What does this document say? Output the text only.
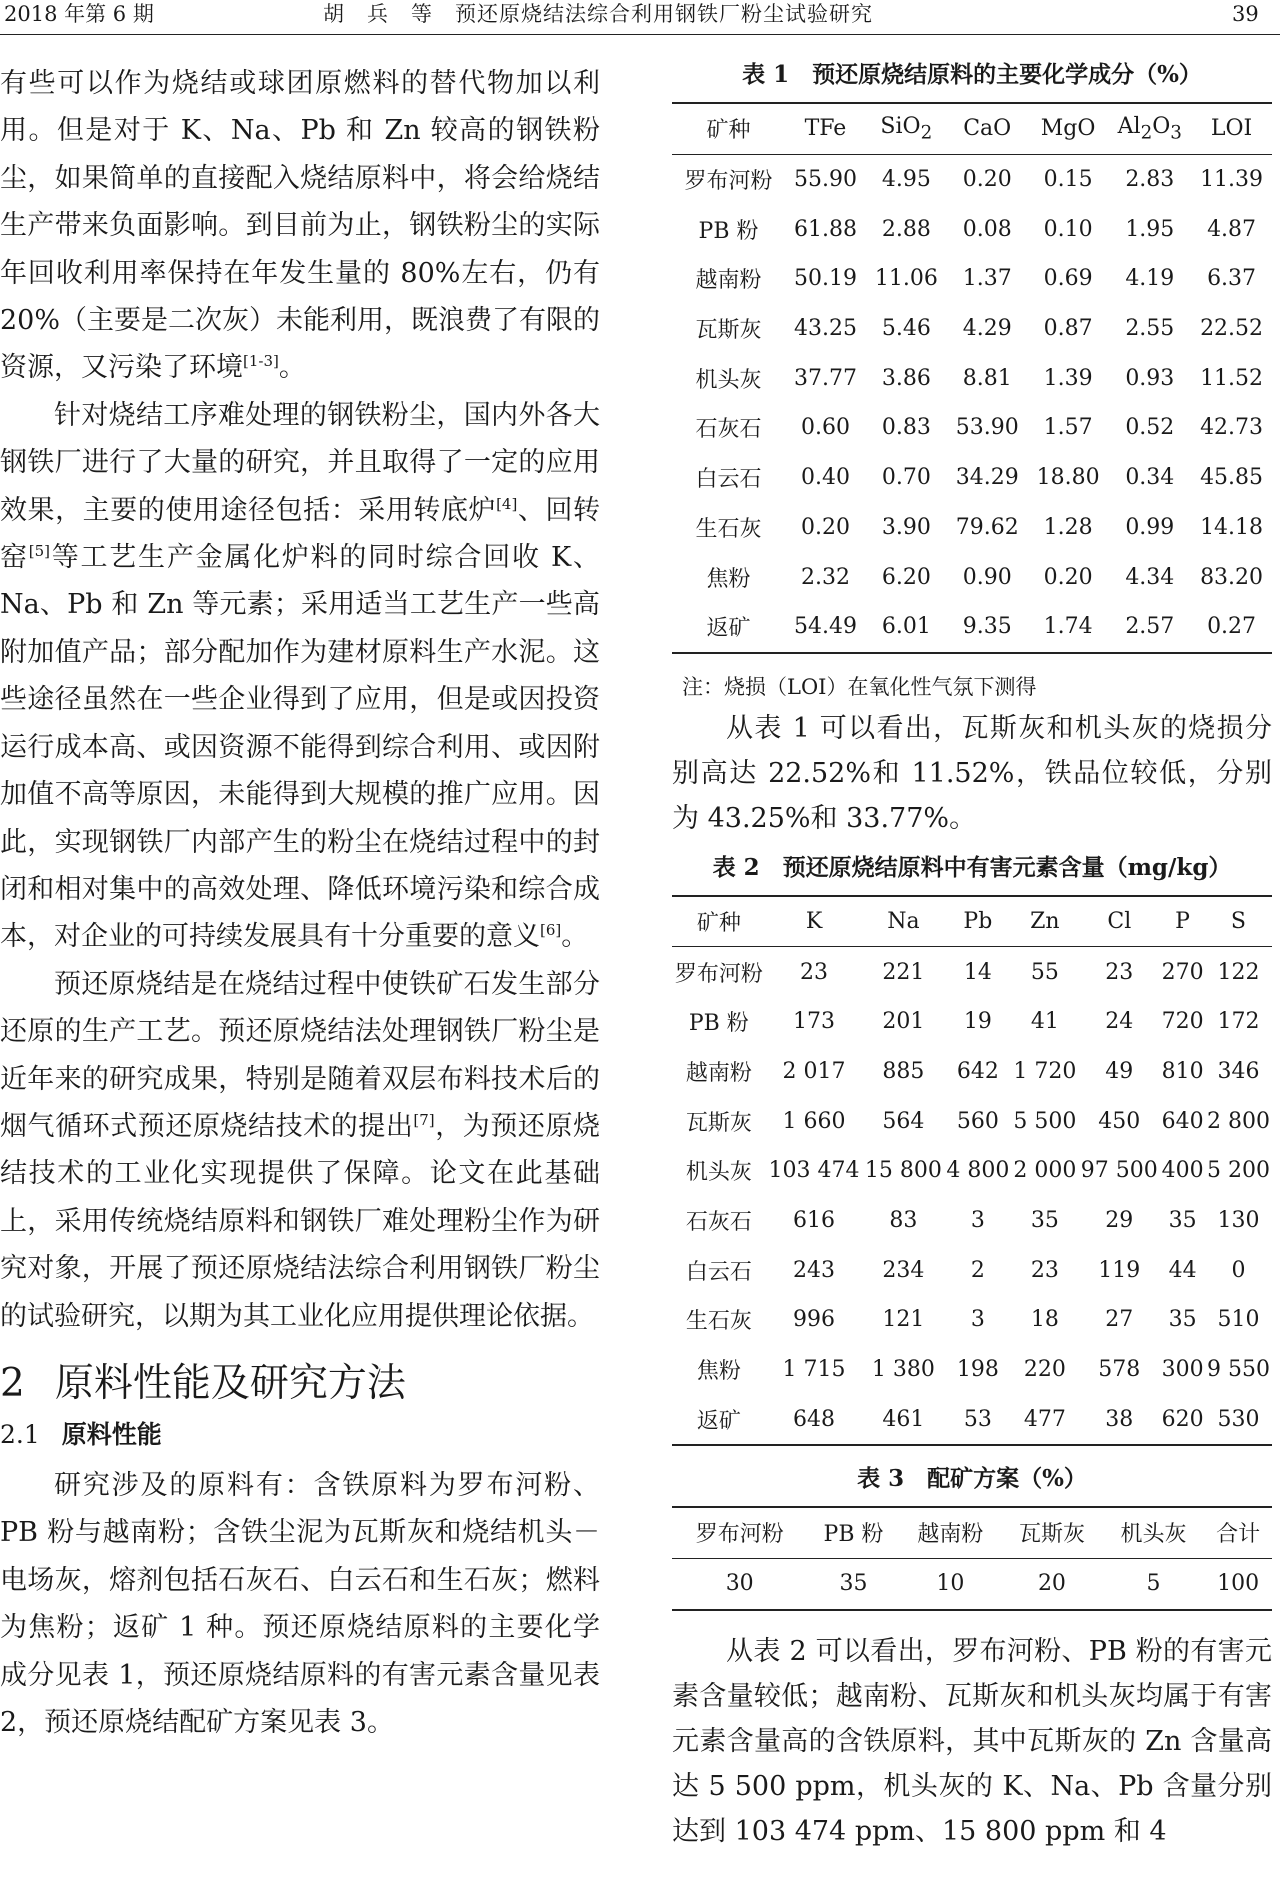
2018 年第 6 期	胡　兵　等　预还原烧结法综合利用钢铁厂粉尘试验研究	39

有些可以作为烧结或球团原燃料的替代物加以利用。但是对于 K、Na、Pb 和 Zn 较高的钢铁粉尘，如果简单的直接配入烧结原料中，将会给烧结生产带来负面影响。到目前为止，钢铁粉尘的实际年回收利用率保持在年发生量的 80%左右，仍有 20%（主要是二次灰）未能利用，既浪费了有限的资源，又污染了环境[1-3]。

针对烧结工序难处理的钢铁粉尘，国内外各大钢铁厂进行了大量的研究，并且取得了一定的应用效果，主要的使用途径包括：采用转底炉[4]、回转窑[5]等工艺生产金属化炉料的同时综合回收 K、Na、Pb 和 Zn 等元素；采用适当工艺生产一些高附加值产品；部分配加作为建材原料生产水泥。这些途径虽然在一些企业得到了应用，但是或因投资运行成本高、或因资源不能得到综合利用、或因附加值不高等原因，未能得到大规模的推广应用。因此，实现钢铁厂内部产生的粉尘在烧结过程中的封闭和相对集中的高效处理、降低环境污染和综合成本，对企业的可持续发展具有十分重要的意义[6]。

预还原烧结是在烧结过程中使铁矿石发生部分还原的生产工艺。预还原烧结法处理钢铁厂粉尘是近年来的研究成果，特别是随着双层布料技术后的烟气循环式预还原烧结技术的提出[7]，为预还原烧结技术的工业化实现提供了保障。论文在此基础上，采用传统烧结原料和钢铁厂难处理粉尘作为研究对象，开展了预还原烧结法综合利用钢铁厂粉尘的试验研究，以期为其工业化应用提供理论依据。

2 原料性能及研究方法
2.1 原料性能

研究涉及的原料有：含铁原料为罗布河粉、PB 粉与越南粉；含铁尘泥为瓦斯灰和烧结机头－电场灰，熔剂包括石灰石、白云石和生石灰；燃料为焦粉；返矿 1 种。预还原烧结原料的主要化学成分见表 1，预还原烧结原料的有害元素含量见表 2，预还原烧结配矿方案见表 3。

表 1　 预还原烧结原料的主要化学成分（%）
矿种	TFe	SiO$_2$	CaO	MgO	$Al_2O_3$	LOI
罗布河粉	55.90	4.95	0.20	0.15	2.83	11.39
PB 粉	61.88	2.88	0.08	0.10	1.95	4.87
越南粉	50.19	11.06	1.37	0.69	4.19	6.37
瓦斯灰	43.25	5.46	4.29	0.87	2.55	22.52
机头灰	37.77	3.86	8.81	1.39	0.93	11.52
石灰石	0.60	0.83	53.90	1.57	0.52	42.73
白云石	0.40	0.70	34.29	18.80	0.34	45.85
生石灰	0.20	3.90	79.62	1.28	0.99	14.18
焦粉	2.32	6.20	0.90	0.20	4.34	83.20
返矿	54.49	6.01	9.35	1.74	2.57	0.27
注：烧损（LOI）在氧化性气氛下测得

从表 1 可以看出，瓦斯灰和机头灰的烧损分别高达 22.52%和 11.52%，铁品位较低，分别为 43.25%和 33.77%。

表 2　 预还原烧结原料中有害元素含量（mg/kg）
矿种	K	Na	Pb	Zn	Cl	P	S
罗布河粉	23	221	14	55	23	270	122
PB 粉	173	201	19	41	24	720	172
越南粉	2 017	885	642	1 720	49	810	346
瓦斯灰	1 660	564	560	5 500	450	640	2 800
机头灰	103 474	15 800	4 800	2 000	97 500	400	5 200
石灰石	616	83	3	35	29	35	130
白云石	243	234	2	23	119	44	0
生石灰	996	121	3	18	27	35	510
焦粉	1 715	1 380	198	220	578	300	9 550
返矿	648	461	53	477	38	620	530
表 3　 配矿方案（%）
罗布河粉	PB 粉	越南粉	瓦斯灰	机头灰	合计
30	35	10	20	5	100

从表 2 可以看出，罗布河粉、PB 粉的有害元素含量较低；越南粉、瓦斯灰和机头灰均属于有害元素含量高的含铁原料，其中瓦斯灰的 Zn 含量高达 5 500 ppm，机头灰的 K、Na、Pb 含量分别达到 103 474 ppm、15 800 ppm 和 4
